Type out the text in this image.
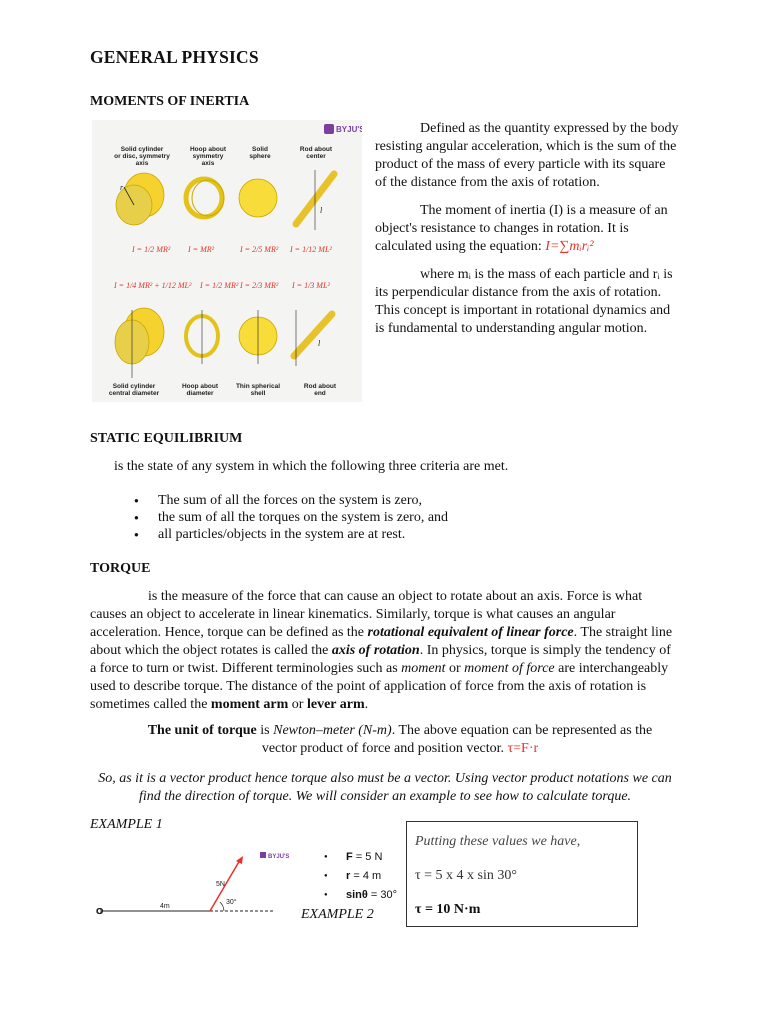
GENERAL PHYSICS
MOMENTS OF INERTIA
BYJU'S
Solid cylinder
or disc, symmetry
axis
Hoop about
symmetry
axis
Solid
sphere
Rod about
center
r
l
I = 1/2 MR² I = MR²	I = 2/5 MR² I = 1/12 ML²
I = 1/4 MR² + 1/12 ML² I = 1/2 MR² I = 2/3 MR² I = 1/3 ML²
l
Solid cylinder
central diameter
Hoop about
diameter
Thin spherical
shell
Rod about
end

Defined as the quantity expressed by the body resisting angular acceleration, which is the sum of the product of the mass of every particle with its square of the distance from the axis of rotation.

The moment of inertia (I) is a measure of an object's resistance to changes in rotation. It is calculated using the equation: I=∑mᵢrᵢ²

where mᵢ is the mass of each particle and rᵢ is its perpendicular distance from the axis of rotation. This concept is important in rotational dynamics and is fundamental to understanding angular motion.

STATIC EQUILIBRIUM
is the state of any system in which the following three criteria are met.
● The sum of all the forces on the system is zero,
● the sum of all the torques on the system is zero, and
● all particles/objects in the system are at rest.
TORQUE
is the measure of the force that can cause an object to rotate about an axis. Force is what causes an object to accelerate in linear kinematics. Similarly, torque is what causes an angular acceleration. Hence, torque can be defined as the rotational equivalent of linear force. The straight line about which the object rotates is called the axis of rotation. In physics, torque is simply the tendency of a force to turn or twist. Different terminologies such as moment or moment of force are interchangeably used to describe torque. The distance of the point of application of force from the axis of rotation is sometimes called the moment arm or lever arm.
The unit of torque is Newton–meter (N-m). The above equation can be represented as the vector product of force and position vector. τ=F·r
So, as it is a vector product hence torque also must be a vector. Using vector product notations we can find the direction of torque. We will consider an example to see how to calculate torque.
EXAMPLE 1
BYJU'S
O
4m
5N
30°
● F = 5 N
● r = 4 m
● sinθ = 30°
EXAMPLE 2
Putting these values we have,
τ = 5 x 4 x sin 30°
τ = 10 N·m
